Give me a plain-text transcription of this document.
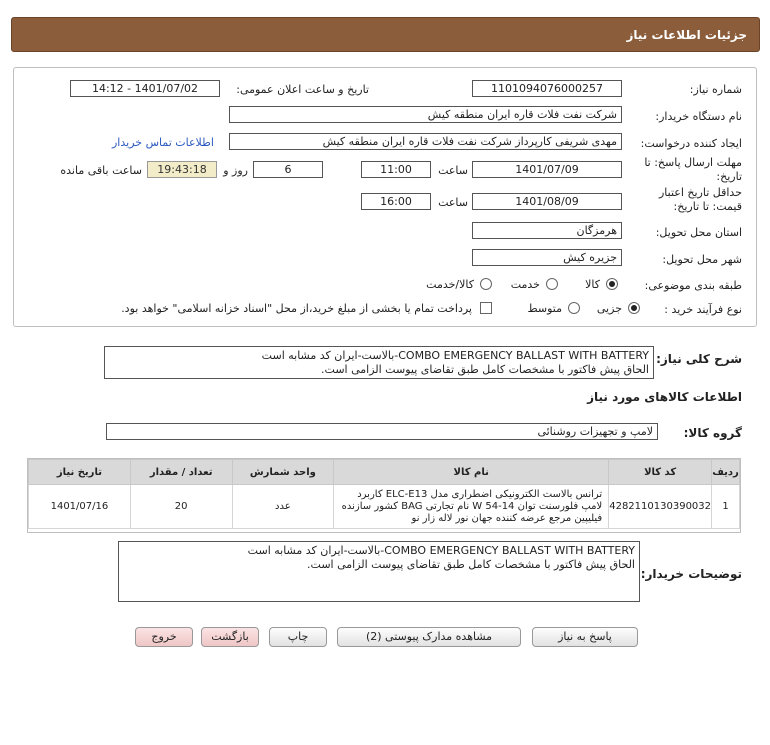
جزئیات اطلاعات نیاز
شماره نیاز:
1101094076000257
تاریخ و ساعت اعلان عمومی:
1401/07/02 - 14:12
نام دستگاه خریدار:
شرکت نفت فلات قاره ایران منطقه کیش
ایجاد کننده درخواست:
مهدی شریفی کارپرداز شرکت نفت فلات قاره ایران منطقه کیش
اطلاعات تماس خریدار
مهلت ارسال پاسخ: تا
تاریخ:
1401/07/09
ساعت
11:00
6
روز و
19:43:18
ساعت باقی مانده
حداقل تاریخ اعتبار
قیمت: تا تاریخ:
1401/08/09
ساعت
16:00
استان محل تحویل:
هرمزگان
شهر محل تحویل:
جزیره کیش
طبقه بندی موضوعی:
کالا
خدمت
کالا/خدمت
نوع فرآیند خرید :
جزیی
متوسط
پرداخت تمام یا بخشی از مبلغ خرید،از محل "اسناد خزانه اسلامی" خواهد بود.
شرح کلی نیاز:
COMBO EMERGENCY BALLAST WITH BATTERY-بالاست-ایران کد مشابه است
الحاق پیش فاکتور با مشخصات کامل طبق تقاضای پیوست الزامی است.
اطلاعات کالاهای مورد نیاز
گروه کالا:
لامپ و تجهیزات روشنائی
ردیف	کد کالا	نام کالا	واحد شمارش	تعداد / مقدار	تاریخ نیاز
1	4282110130390032	ترانس بالاست الکترونیکی اضطراری مدل ELC-E13 کاربرد
لامپ فلورسنت توان W 54-14 نام تجارتی BAG کشور سازنده
فیلیپین مرجع عرضه کننده جهان نور لاله زار نو	عدد	20	1401/07/16
توضیحات خریدار:
COMBO EMERGENCY BALLAST WITH BATTERY-بالاست-ایران کد مشابه است
الحاق پیش فاکتور با مشخصات کامل طبق تقاضای پیوست الزامی است.
پاسخ به نیاز
مشاهده مدارک پیوستی (2)
چاپ
بازگشت
خروج
